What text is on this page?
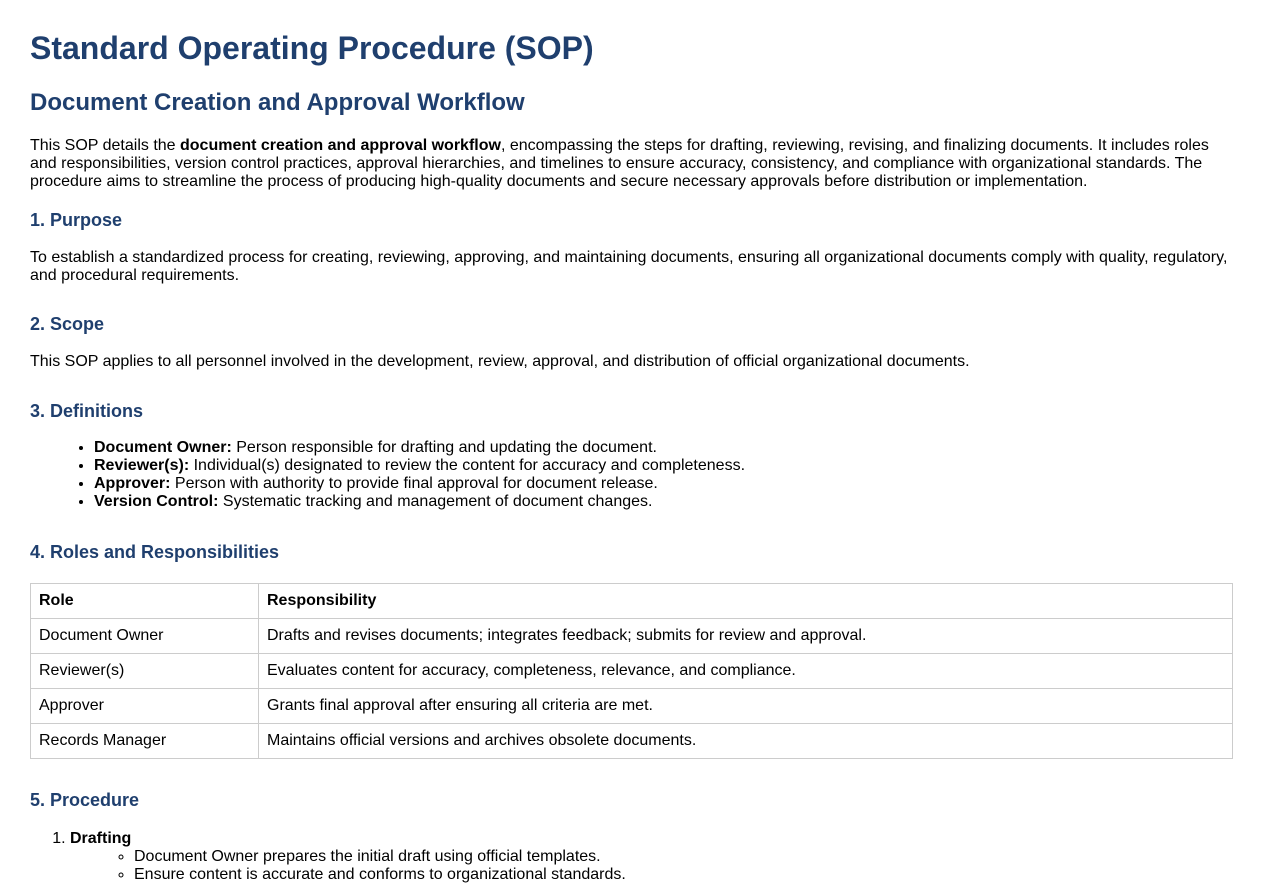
Standard Operating Procedure (SOP)
Document Creation and Approval Workflow

This SOP details the document creation and approval workflow, encompassing the steps for drafting, reviewing, revising, and finalizing documents. It includes roles and responsibilities, version control practices, approval hierarchies, and timelines to ensure accuracy, consistency, and compliance with organizational standards. The procedure aims to streamline the process of producing high-quality documents and secure necessary approvals before distribution or implementation.

1. Purpose

To establish a standardized process for creating, reviewing, approving, and maintaining documents, ensuring all organizational documents comply with quality, regulatory, and procedural requirements.

2. Scope

This SOP applies to all personnel involved in the development, review, approval, and distribution of official organizational documents.

3. Definitions
• Document Owner: Person responsible for drafting and updating the document.
• Reviewer(s): Individual(s) designated to review the content for accuracy and completeness.
• Approver: Person with authority to provide final approval for document release.
• Version Control: Systematic tracking and management of document changes.
4. Roles and Responsibilities
Role	Responsibility
Document Owner	Drafts and revises documents; integrates feedback; submits for review and approval.
Reviewer(s)	Evaluates content for accuracy, completeness, relevance, and compliance.
Approver	Grants final approval after ensuring all criteria are met.
Records Manager	Maintains official versions and archives obsolete documents.
5. Procedure
1. Drafting
◦ Document Owner prepares the initial draft using official templates.
◦ Ensure content is accurate and conforms to organizational standards.
